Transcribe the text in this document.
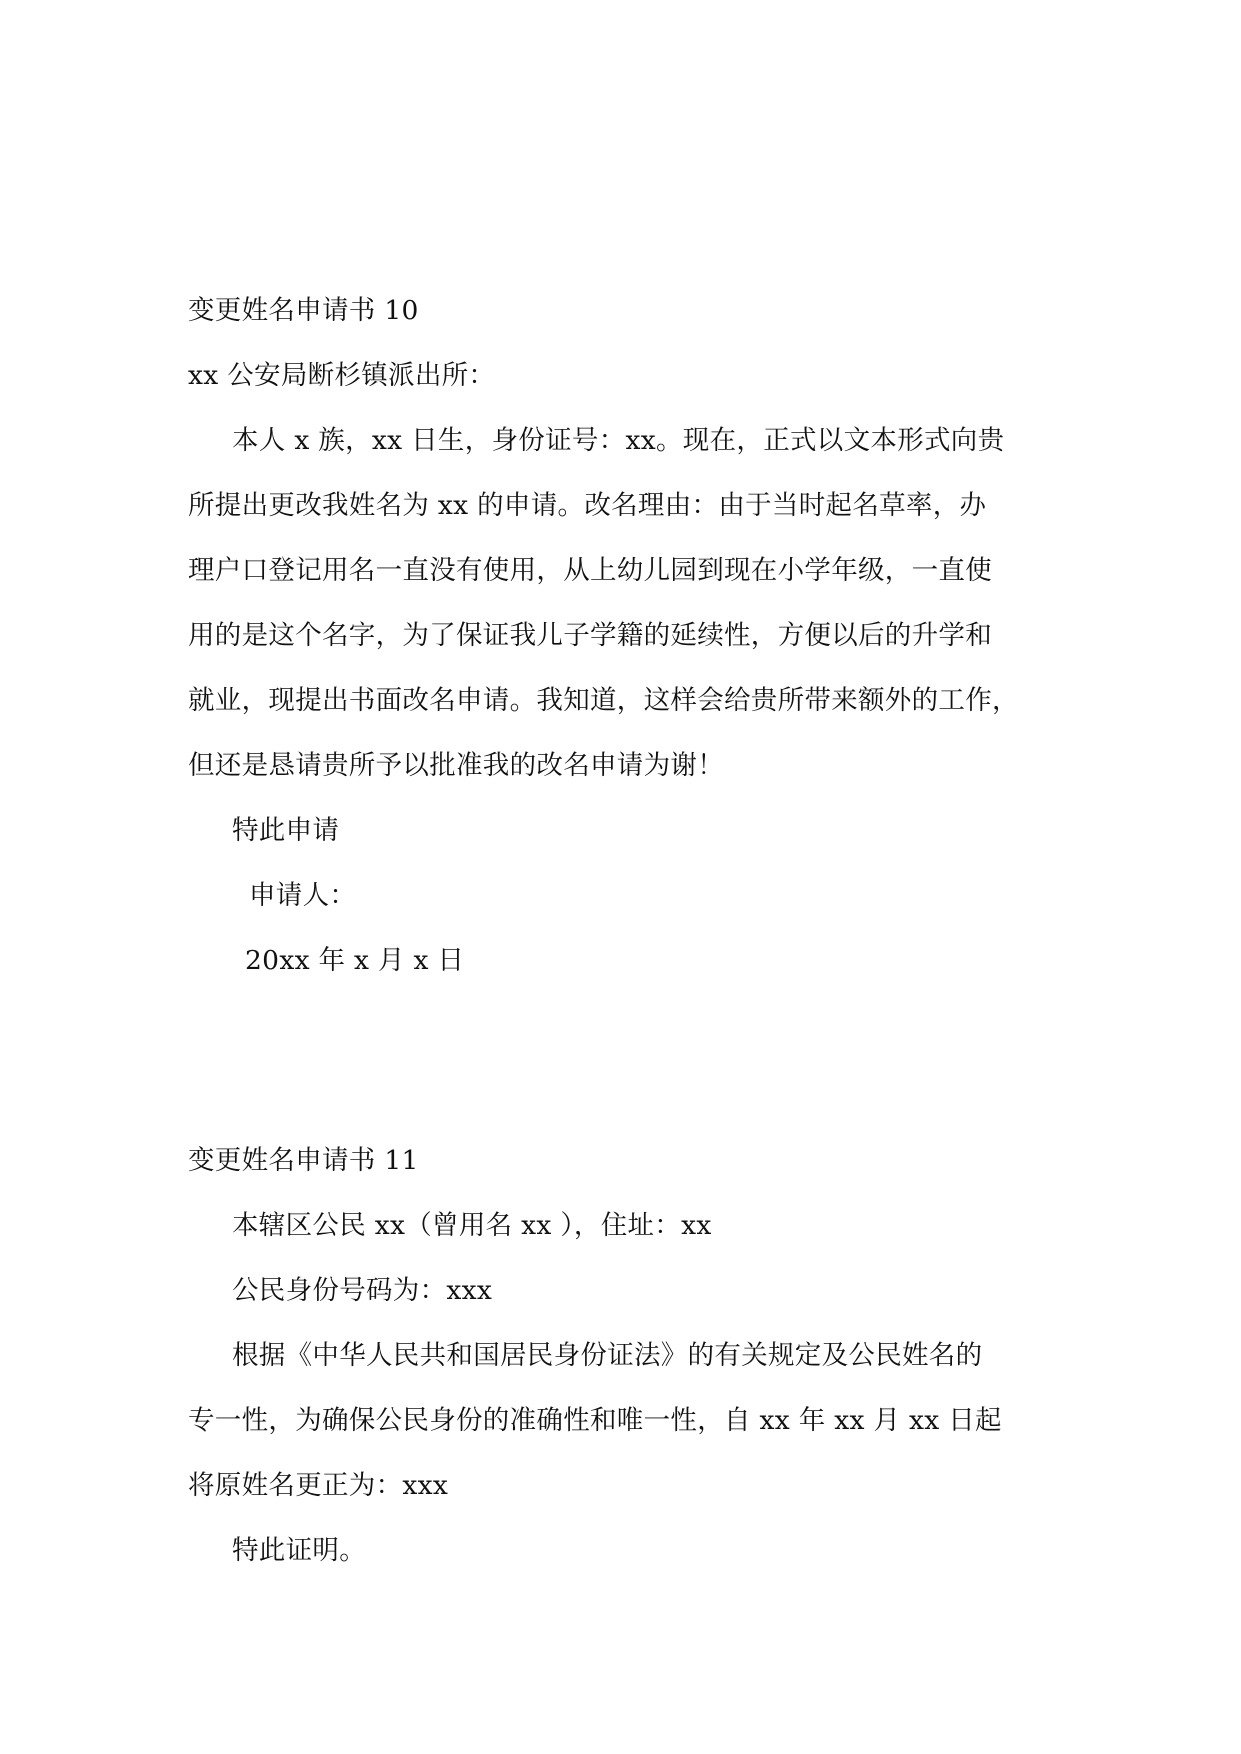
变更姓名申请书 10
xx 公安局断杉镇派出所：
本人 x 族，xx 日生，身份证号：xx。现在，正式以文本形式向贵
所提出更改我姓名为 xx 的申请。改名理由：由于当时起名草率，办
理户口登记用名一直没有使用，从上幼儿园到现在小学年级，一直使
用的是这个名字，为了保证我儿子学籍的延续性，方便以后的升学和
就业，现提出书面改名申请。我知道，这样会给贵所带来额外的工作，
但还是恳请贵所予以批准我的改名申请为谢！
特此申请
申请人：
20xx 年 x 月 x 日
变更姓名申请书 11
本辖区公民 xx（曾用名 xx ），住址：xx
公民身份号码为：xxx
根据《中华人民共和国居民身份证法》的有关规定及公民姓名的
专一性，为确保公民身份的准确性和唯一性，自 xx 年 xx 月 xx 日起
将原姓名更正为：xxx
特此证明。
